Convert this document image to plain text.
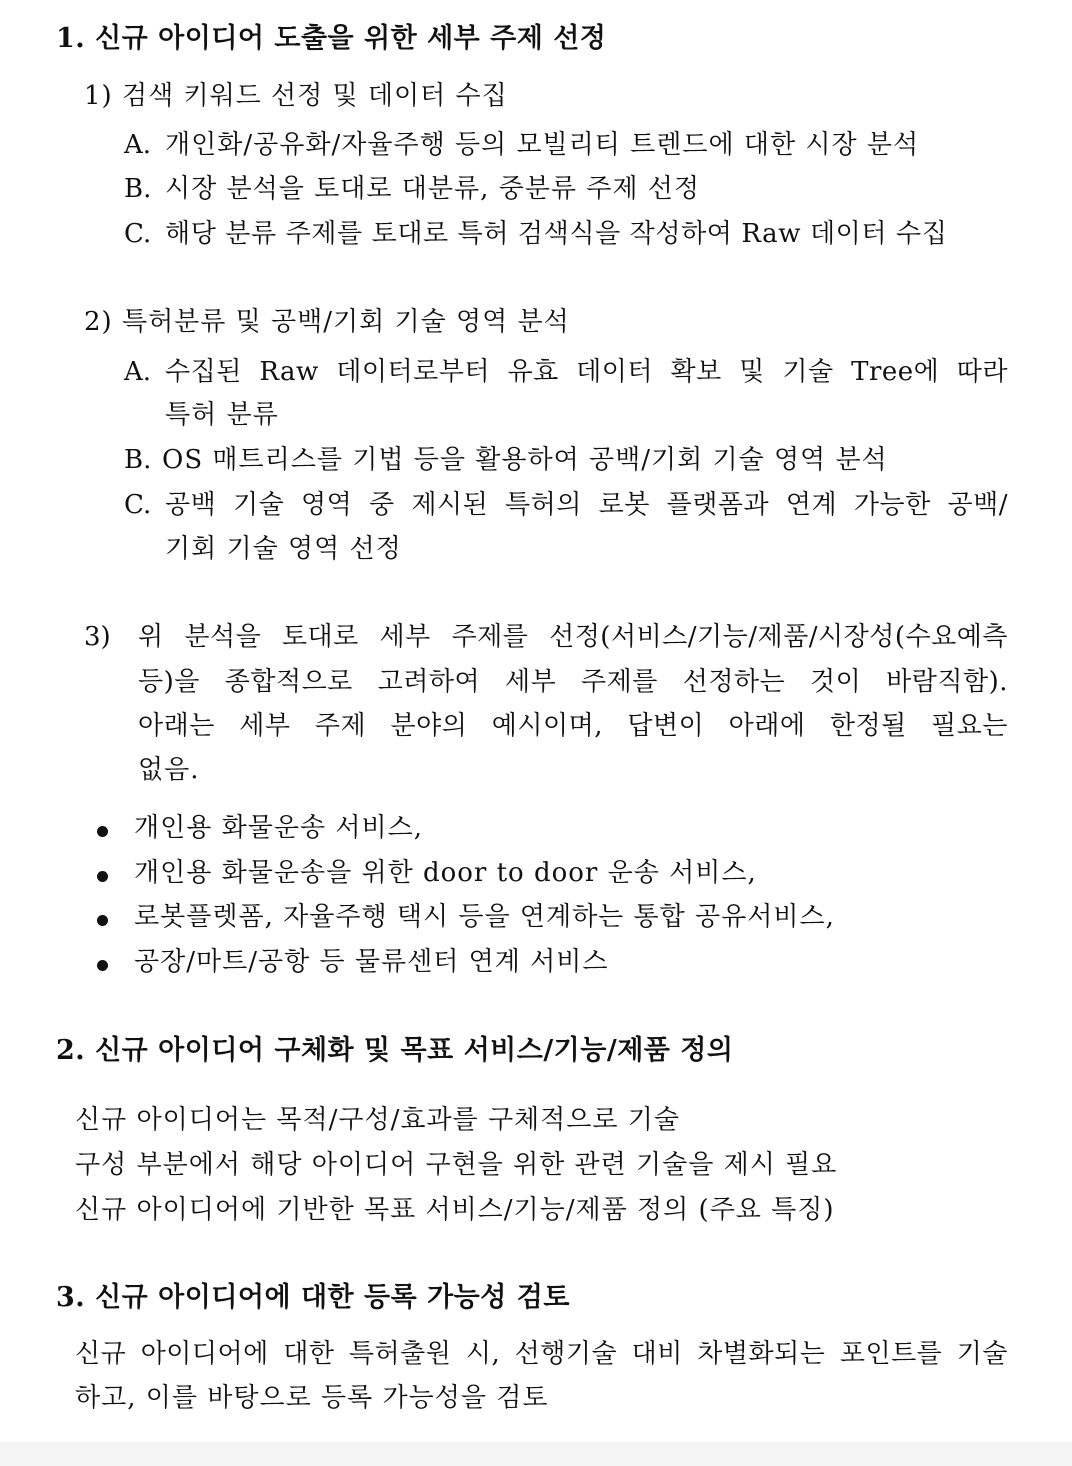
1. 신규 아이디어 도출을 위한 세부 주제 선정
1) 검색 키워드 선정 및 데이터 수집
A. 개인화/공유화/자율주행 등의 모빌리티 트렌드에 대한 시장 분석
B. 시장 분석을 토대로 대분류, 중분류 주제 선정
C. 해당 분류 주제를 토대로 특허 검색식을 작성하여 Raw 데이터 수집
2) 특허분류 및 공백/기회 기술 영역 분석
A. 수집된 Raw 데이터로부터 유효 데이터 확보 및 기술 Tree에 따라
특허 분류
B. OS 매트리스를 기법 등을 활용하여 공백/기회 기술 영역 분석
C. 공백 기술 영역 중 제시된 특허의 로봇 플랫폼과 연계 가능한 공백/
기회 기술 영역 선정
3) 위 분석을 토대로 세부 주제를 선정(서비스/기능/제품/시장성(수요예측
등)을 종합적으로 고려하여 세부 주제를 선정하는 것이 바람직함).
아래는 세부 주제 분야의 예시이며, 답변이 아래에 한정될 필요는
없음.
개인용 화물운송 서비스,
개인용 화물운송을 위한 door to door 운송 서비스,
로봇플렛폼, 자율주행 택시 등을 연계하는 통합 공유서비스,
공장/마트/공항 등 물류센터 연계 서비스
2. 신규 아이디어 구체화 및 목표 서비스/기능/제품 정의
신규 아이디어는 목적/구성/효과를 구체적으로 기술
구성 부분에서 해당 아이디어 구현을 위한 관련 기술을 제시 필요
신규 아이디어에 기반한 목표 서비스/기능/제품 정의 (주요 특징)
3. 신규 아이디어에 대한 등록 가능성 검토
신규 아이디어에 대한 특허출원 시, 선행기술 대비 차별화되는 포인트를 기술
하고, 이를 바탕으로 등록 가능성을 검토
